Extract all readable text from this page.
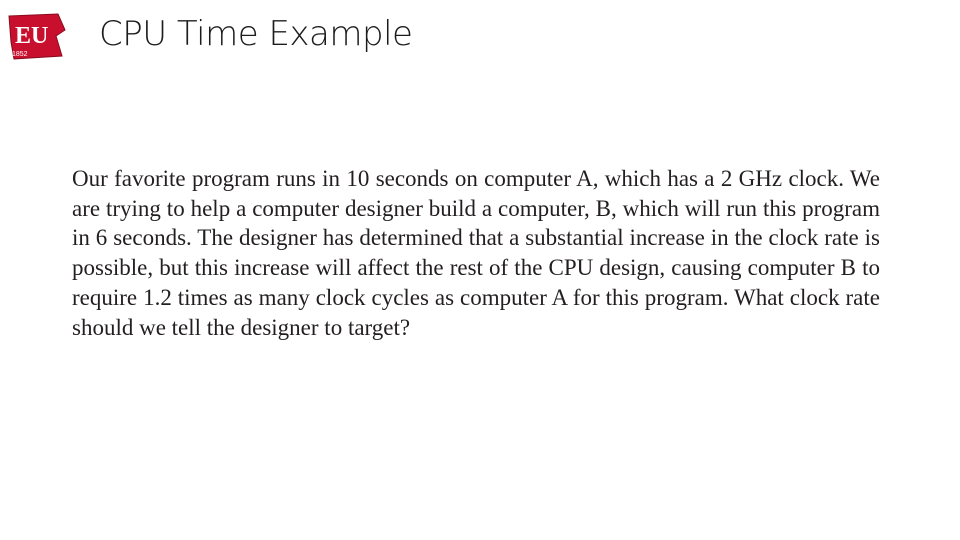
EU
1852
CPU Time Example

Our favorite program runs in 10 seconds on computer A, which has a 2 GHz clock. We are trying to help a computer designer build a computer, B, which will run this program in 6 seconds. The designer has determined that a substantial increase in the clock rate is possible, but this increase will affect the rest of the CPU design, causing computer B to require 1.2 times as many clock cycles as computer A for this program. What clock rate should we tell the designer to target?
